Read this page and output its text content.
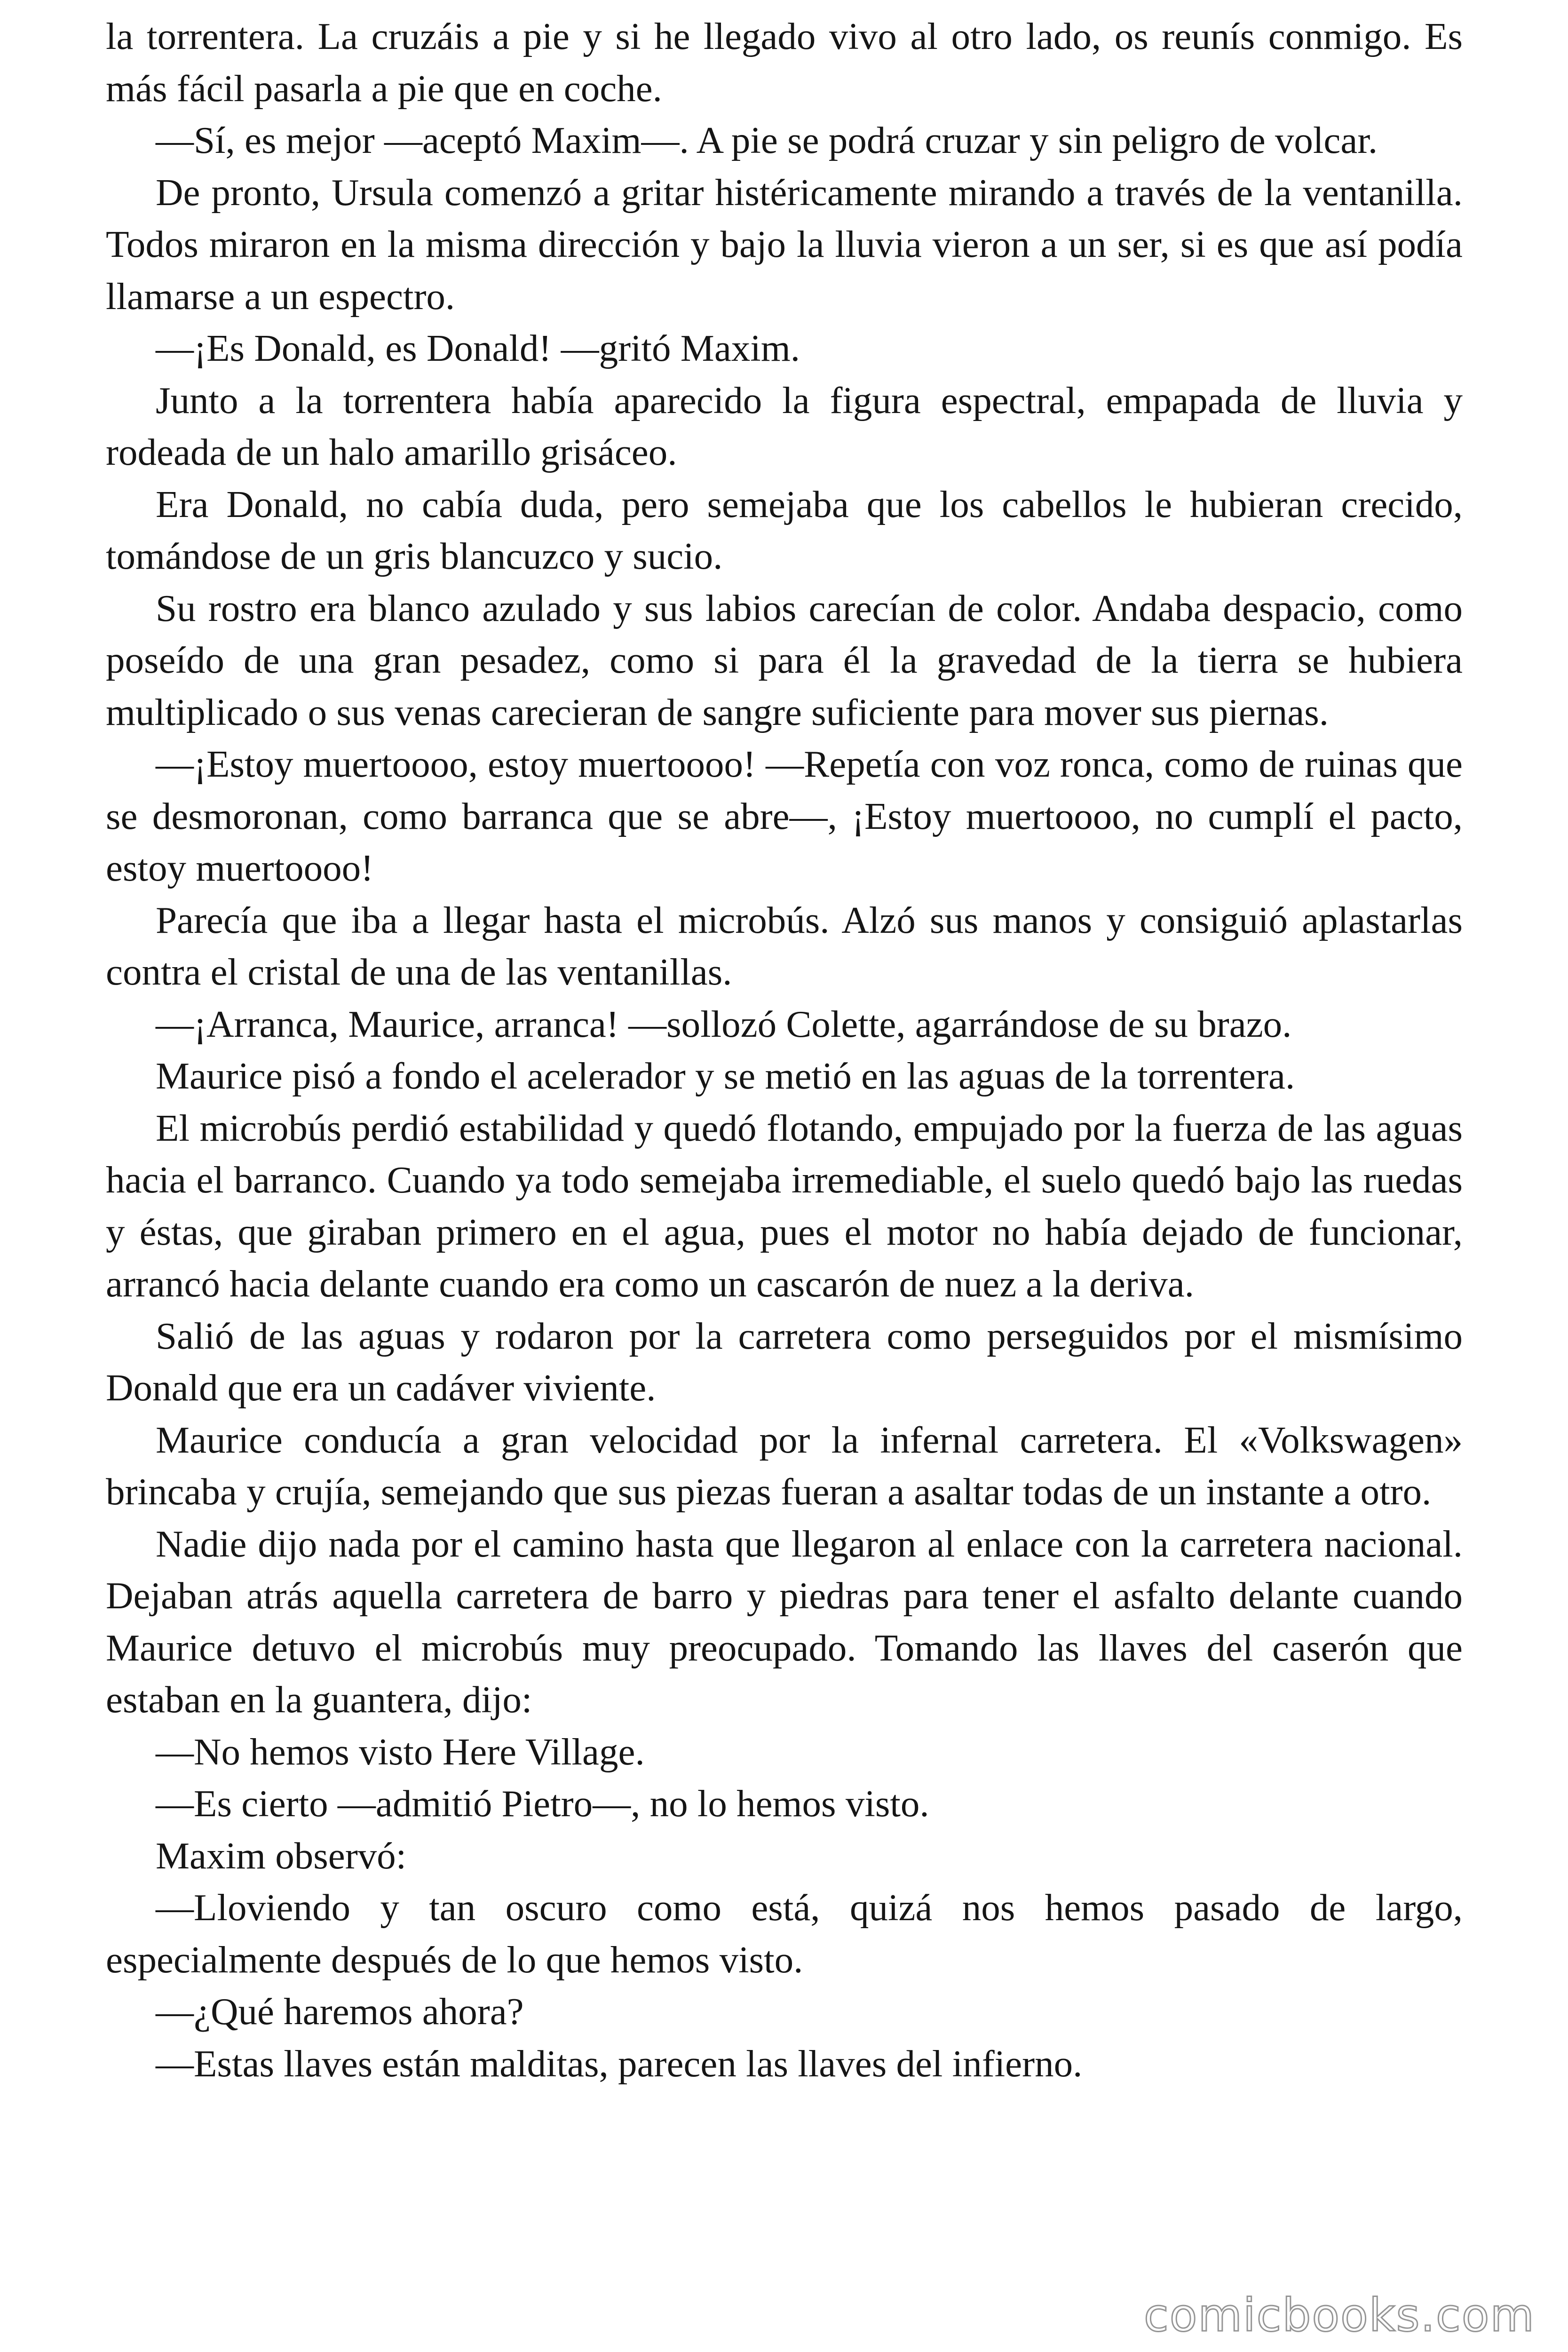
la torrentera. La cruzáis a pie y si he llegado vivo al otro lado, os reunís conmigo. Es más fácil pasarla a pie que en coche.

—Sí, es mejor —aceptó Maxim—. A pie se podrá cruzar y sin peligro de volcar.

De pronto, Ursula comenzó a gritar histéricamente mirando a través de la ventanilla. Todos miraron en la misma dirección y bajo la lluvia vieron a un ser, si es que así podía llamarse a un espectro.

—¡Es Donald, es Donald! —gritó Maxim.

Junto a la torrentera había aparecido la figura espectral, empapada de lluvia y rodeada de un halo amarillo grisáceo.

Era Donald, no cabía duda, pero semejaba que los cabellos le hubieran crecido, tomándose de un gris blancuzco y sucio.

Su rostro era blanco azulado y sus labios carecían de color. Andaba despacio, como poseído de una gran pesadez, como si para él la gravedad de la tierra se hubiera multiplicado o sus venas carecieran de sangre suficiente para mover sus piernas.

—¡Estoy muertoooo, estoy muertoooo! —Repetía con voz ronca, como de ruinas que se desmoronan, como barranca que se abre—, ¡Estoy muertoooo, no cumplí el pacto, estoy muertoooo!

Parecía que iba a llegar hasta el microbús. Alzó sus manos y consiguió aplastarlas contra el cristal de una de las ventanillas.

—¡Arranca, Maurice, arranca! —sollozó Colette, agarrándose de su brazo.

Maurice pisó a fondo el acelerador y se metió en las aguas de la torrentera.

El microbús perdió estabilidad y quedó flotando, empujado por la fuerza de las aguas hacia el barranco. Cuando ya todo semejaba irremediable, el suelo quedó bajo las ruedas y éstas, que giraban primero en el agua, pues el motor no había dejado de funcionar, arrancó hacia delante cuando era como un cascarón de nuez a la deriva.

Salió de las aguas y rodaron por la carretera como perseguidos por el mismísimo Donald que era un cadáver viviente.

Maurice conducía a gran velocidad por la infernal carretera. El «Volkswagen» brincaba y crujía, semejando que sus piezas fueran a asaltar todas de un instante a otro.

Nadie dijo nada por el camino hasta que llegaron al enlace con la carretera nacional. Dejaban atrás aquella carretera de barro y piedras para tener el asfalto delante cuando Maurice detuvo el microbús muy preocupado. Tomando las llaves del caserón que estaban en la guantera, dijo:

—No hemos visto Here Village.

—Es cierto —admitió Pietro—, no lo hemos visto.

Maxim observó:

—Lloviendo y tan oscuro como está, quizá nos hemos pasado de largo, especialmente después de lo que hemos visto.

—¿Qué haremos ahora?

—Estas llaves están malditas, parecen las llaves del infierno.

comicbooks.com
